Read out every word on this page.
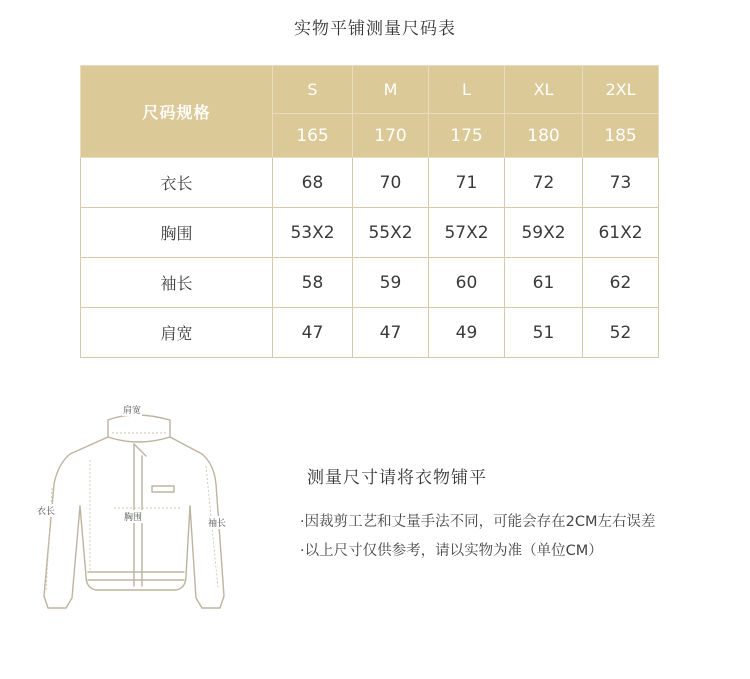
实物平铺测量尺码表
尺码规格	S	M	L	XL	2XL
	165	170	175	180	185
衣长	68	70	71	72	73
胸围	53X2	55X2	57X2	59X2	61X2
袖长	58	59	60	61	62
肩宽	47	47	49	51	52
肩宽
衣长
胸围
袖长
测量尺寸请将衣物铺平
·因裁剪工艺和丈量手法不同，可能会存在2CM左右误差
·以上尺寸仅供参考，请以实物为准（单位CM）
